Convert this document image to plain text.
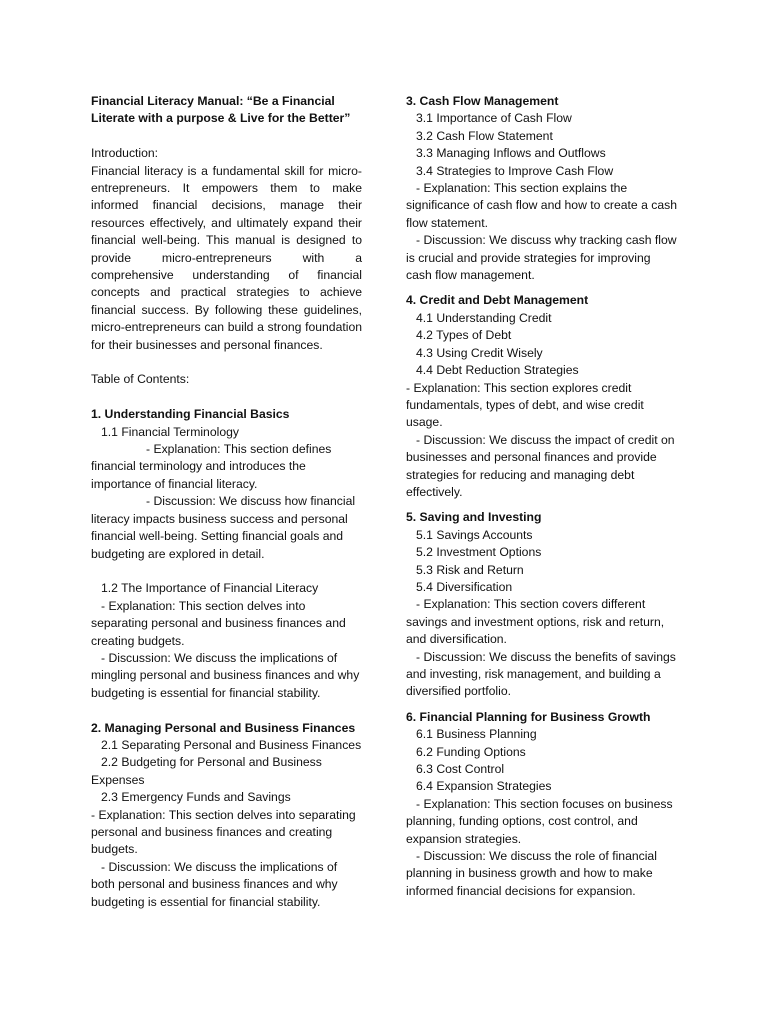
Financial Literacy Manual: “Be a Financial Literate with a purpose & Live for the Better”

Introduction:

Financial literacy is a fundamental skill for micro-entrepreneurs. It empowers them to make informed financial decisions, manage their resources effectively, and ultimately expand their financial well-being. This manual is designed to provide micro-entrepreneurs with a comprehensive understanding of financial concepts and practical strategies to achieve financial success. By following these guidelines, micro-entrepreneurs can build a strong foundation for their businesses and personal finances.

Table of Contents:

1. Understanding Financial Basics

1.1 Financial Terminology

- Explanation: This section defines financial terminology and introduces the importance of financial literacy.

- Discussion: We discuss how financial literacy impacts business success and personal financial well-being. Setting financial goals and budgeting are explored in detail.

1.2 The Importance of Financial Literacy

- Explanation: This section delves into separating personal and business finances and creating budgets.

- Discussion: We discuss the implications of mingling personal and business finances and why budgeting is essential for financial stability.

2. Managing Personal and Business Finances

2.1 Separating Personal and Business Finances

2.2 Budgeting for Personal and Business Expenses

2.3 Emergency Funds and Savings

- Explanation: This section delves into separating personal and business finances and creating budgets.

- Discussion: We discuss the implications of both personal and business finances and why budgeting is essential for financial stability.

3. Cash Flow Management

3.1 Importance of Cash Flow

3.2 Cash Flow Statement

3.3 Managing Inflows and Outflows

3.4 Strategies to Improve Cash Flow

- Explanation: This section explains the significance of cash flow and how to create a cash flow statement.

- Discussion: We discuss why tracking cash flow is crucial and provide strategies for improving cash flow management.

4. Credit and Debt Management

4.1 Understanding Credit

4.2 Types of Debt

4.3 Using Credit Wisely

4.4 Debt Reduction Strategies

- Explanation: This section explores credit fundamentals, types of debt, and wise credit usage.

- Discussion: We discuss the impact of credit on businesses and personal finances and provide strategies for reducing and managing debt effectively.

5. Saving and Investing

5.1 Savings Accounts

5.2 Investment Options

5.3 Risk and Return

5.4 Diversification

- Explanation: This section covers different savings and investment options, risk and return, and diversification.

- Discussion: We discuss the benefits of savings and investing, risk management, and building a diversified portfolio.

6. Financial Planning for Business Growth

6.1 Business Planning

6.2 Funding Options

6.3 Cost Control

6.4 Expansion Strategies

- Explanation: This section focuses on business planning, funding options, cost control, and expansion strategies.

- Discussion: We discuss the role of financial planning in business growth and how to make informed financial decisions for expansion.
